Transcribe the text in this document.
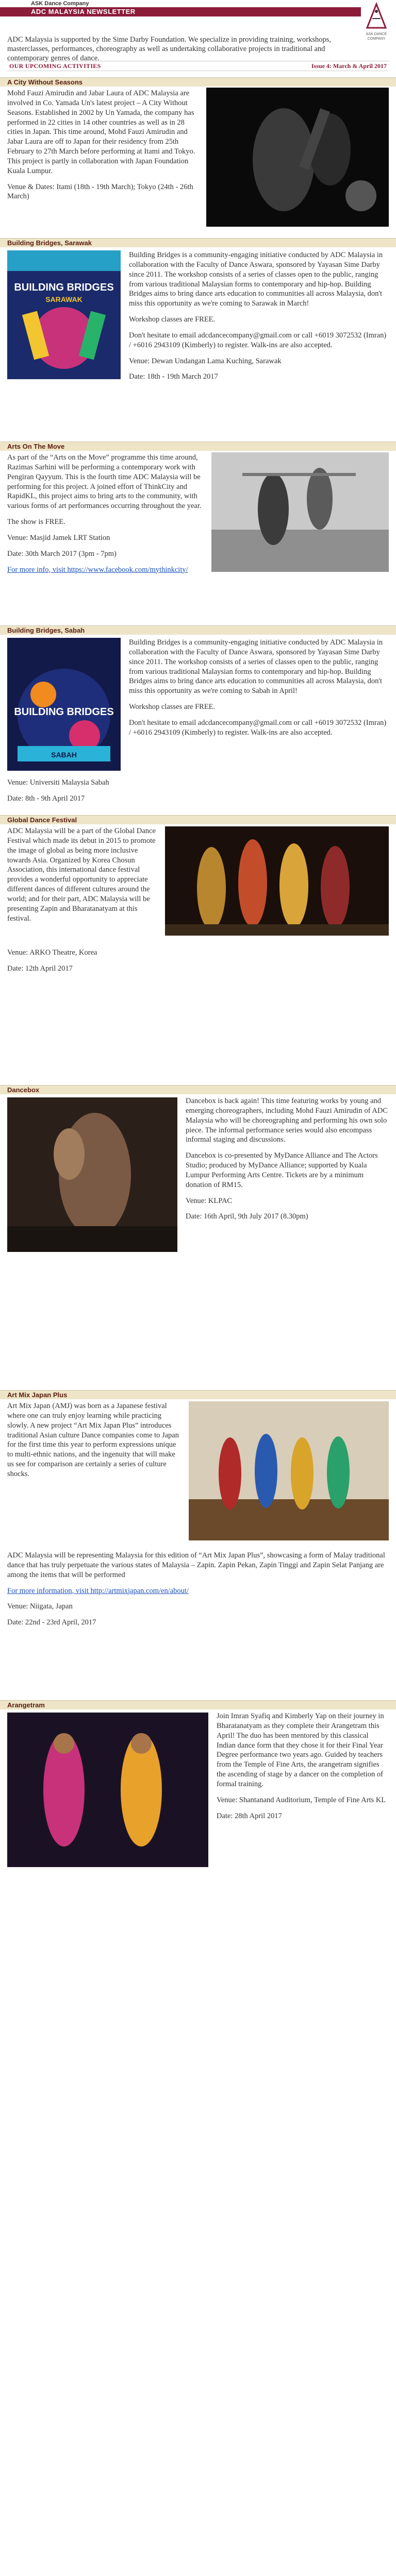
ASK Dance Company
ADC MALAYSIA NEWSLETTER
ASK DANCE COMPANY
ADC Malaysia is supported by the Sime Darby Foundation. We specialize in providing training, workshops, masterclasses, performances, choreography as well as undertaking collaborative projects in traditional and contemporary genres of dance.
OUR UPCOMING ACTIVITIES	Issue 4: March & April 2017
A City Without Seasons

Mohd Fauzi Amirudin and Jabar Laura of ADC Malaysia are involved in Co. Yamada Un's latest project – A City Without Seasons. Established in 2002 by Un Yamada, the company has performed in 22 cities in 14 other countries as well as in 28 cities in Japan. This time around, Mohd Fauzi Amirudin and Jabar Laura are off to Japan for their residency from 25th February to 27th March before performing at Itami and Tokyo. This project is partly in collaboration with Japan Foundation Kuala Lumpur.

Venue & Dates: Itami (18th - 19th March); Tokyo (24th - 26th March)

Building Bridges, Sarawak
BUILDING BRIDGES
SARAWAK

Building Bridges is a community-engaging initiative conducted by ADC Malaysia in collaboration with the Faculty of Dance Aswara, sponsored by Yayasan Sime Darby since 2011. The workshop consists of a series of classes open to the public, ranging from various traditional Malaysian forms to contemporary and hip-hop. Building Bridges aims to bring dance arts education to communities all across Malaysia, don't miss this opportunity as we're coming to Sarawak in March!

Workshop classes are FREE.

Don't hesitate to email adcdancecompany@gmail.com or call +6019 3072532 (Imran) / +6016 2943109 (Kimberly) to register. Walk-ins are also accepted.

Venue: Dewan Undangan Lama Kuching, Sarawak

Date: 18th - 19th March 2017

Arts On The Move

As part of the “Arts on the Move” programme this time around, Razimas Sarhini will be performing a contemporary work with Pengiran Qayyum. This is the fourth time ADC Malaysia will be performing for this project. A joined effort of ThinkCity and RapidKL, this project aims to bring arts to the community, with various forms of art performances occurring throughout the year.

The show is FREE.

Venue: Masjid Jamek LRT Station

Date: 30th March 2017 (3pm - 7pm)

For more info, visit https://www.facebook.com/mythinkcity/

Building Bridges, Sabah
BUILDING BRIDGES
SABAH

Building Bridges is a community-engaging initiative conducted by ADC Malaysia in collaboration with the Faculty of Dance Aswara, sponsored by Yayasan Sime Darby since 2011. The workshop consists of a series of classes open to the public, ranging from various traditional Malaysian forms to contemporary and hip-hop. Building Bridges aims to bring dance arts education to communities all across Malaysia, don't miss this opportunity as we're coming to Sabah in April!

Workshop classes are FREE.

Don't hesitate to email adcdancecompany@gmail.com or call +6019 3072532 (Imran) / +6016 2943109 (Kimberly) to register. Walk-ins are also accepted.

Venue: Universiti Malaysia Sabah

Date: 8th - 9th April 2017

Global Dance Festival

ADC Malaysia will be a part of the Global Dance Festival which made its debut in 2015 to promote the image of global as being more inclusive towards Asia. Organized by Korea Chosun Association, this international dance festival provides a wonderful opportunity to appreciate different dances of different cultures around the world; and for their part, ADC Malaysia will be presenting Zapin and Bharatanatyam at this festival.

Venue: ARKO Theatre, Korea

Date: 12th April 2017

Dancebox

Dancebox is back again! This time featuring works by young and emerging choreographers, including Mohd Fauzi Amirudin of ADC Malaysia who will be choreographing and performing his own solo piece. The informal performance series would also encompass informal staging and discussions.

Dancebox is co-presented by MyDance Alliance and The Actors Studio; produced by MyDance Alliance; supported by Kuala Lumpur Performing Arts Centre. Tickets are by a minimum donation of RM15.

Venue: KLPAC

Date: 16th April, 9th July 2017 (8.30pm)

Art Mix Japan Plus

Art Mix Japan (AMJ) was born as a Japanese festival where one can truly enjoy learning while practicing slowly. A new project “Art Mix Japan Plus” introduces traditional Asian culture Dance companies come to Japan for the first time this year to perform expressions unique to multi-ethnic nations, and the ingenuity that will make us see for comparison are certainly a series of culture shocks.

ADC Malaysia will be representing Malaysia for this edition of “Art Mix Japan Plus”, showcasing a form of Malay traditional dance that has truly perpetuate the various states of Malaysia – Zapin. Zapin Pekan, Zapin Tinggi and Zapin Selat Panjang are among the items that will be performed

For more information, visit http://artmixjapan.com/en/about/

Venue: Niigata, Japan

Date: 22nd - 23rd April, 2017

Arangetram

Join Imran Syafiq and Kimberly Yap on their journey in Bharatanatyam as they complete their Arangetram this April! The duo has been mentored by this classical Indian dance form that they chose it for their Final Year Degree performance two years ago. Guided by teachers from the Temple of Fine Arts, the arangetram signifies the ascending of stage by a dancer on the completion of formal training.

Venue: Shantanand Auditorium, Temple of Fine Arts KL

Date: 28th April 2017
